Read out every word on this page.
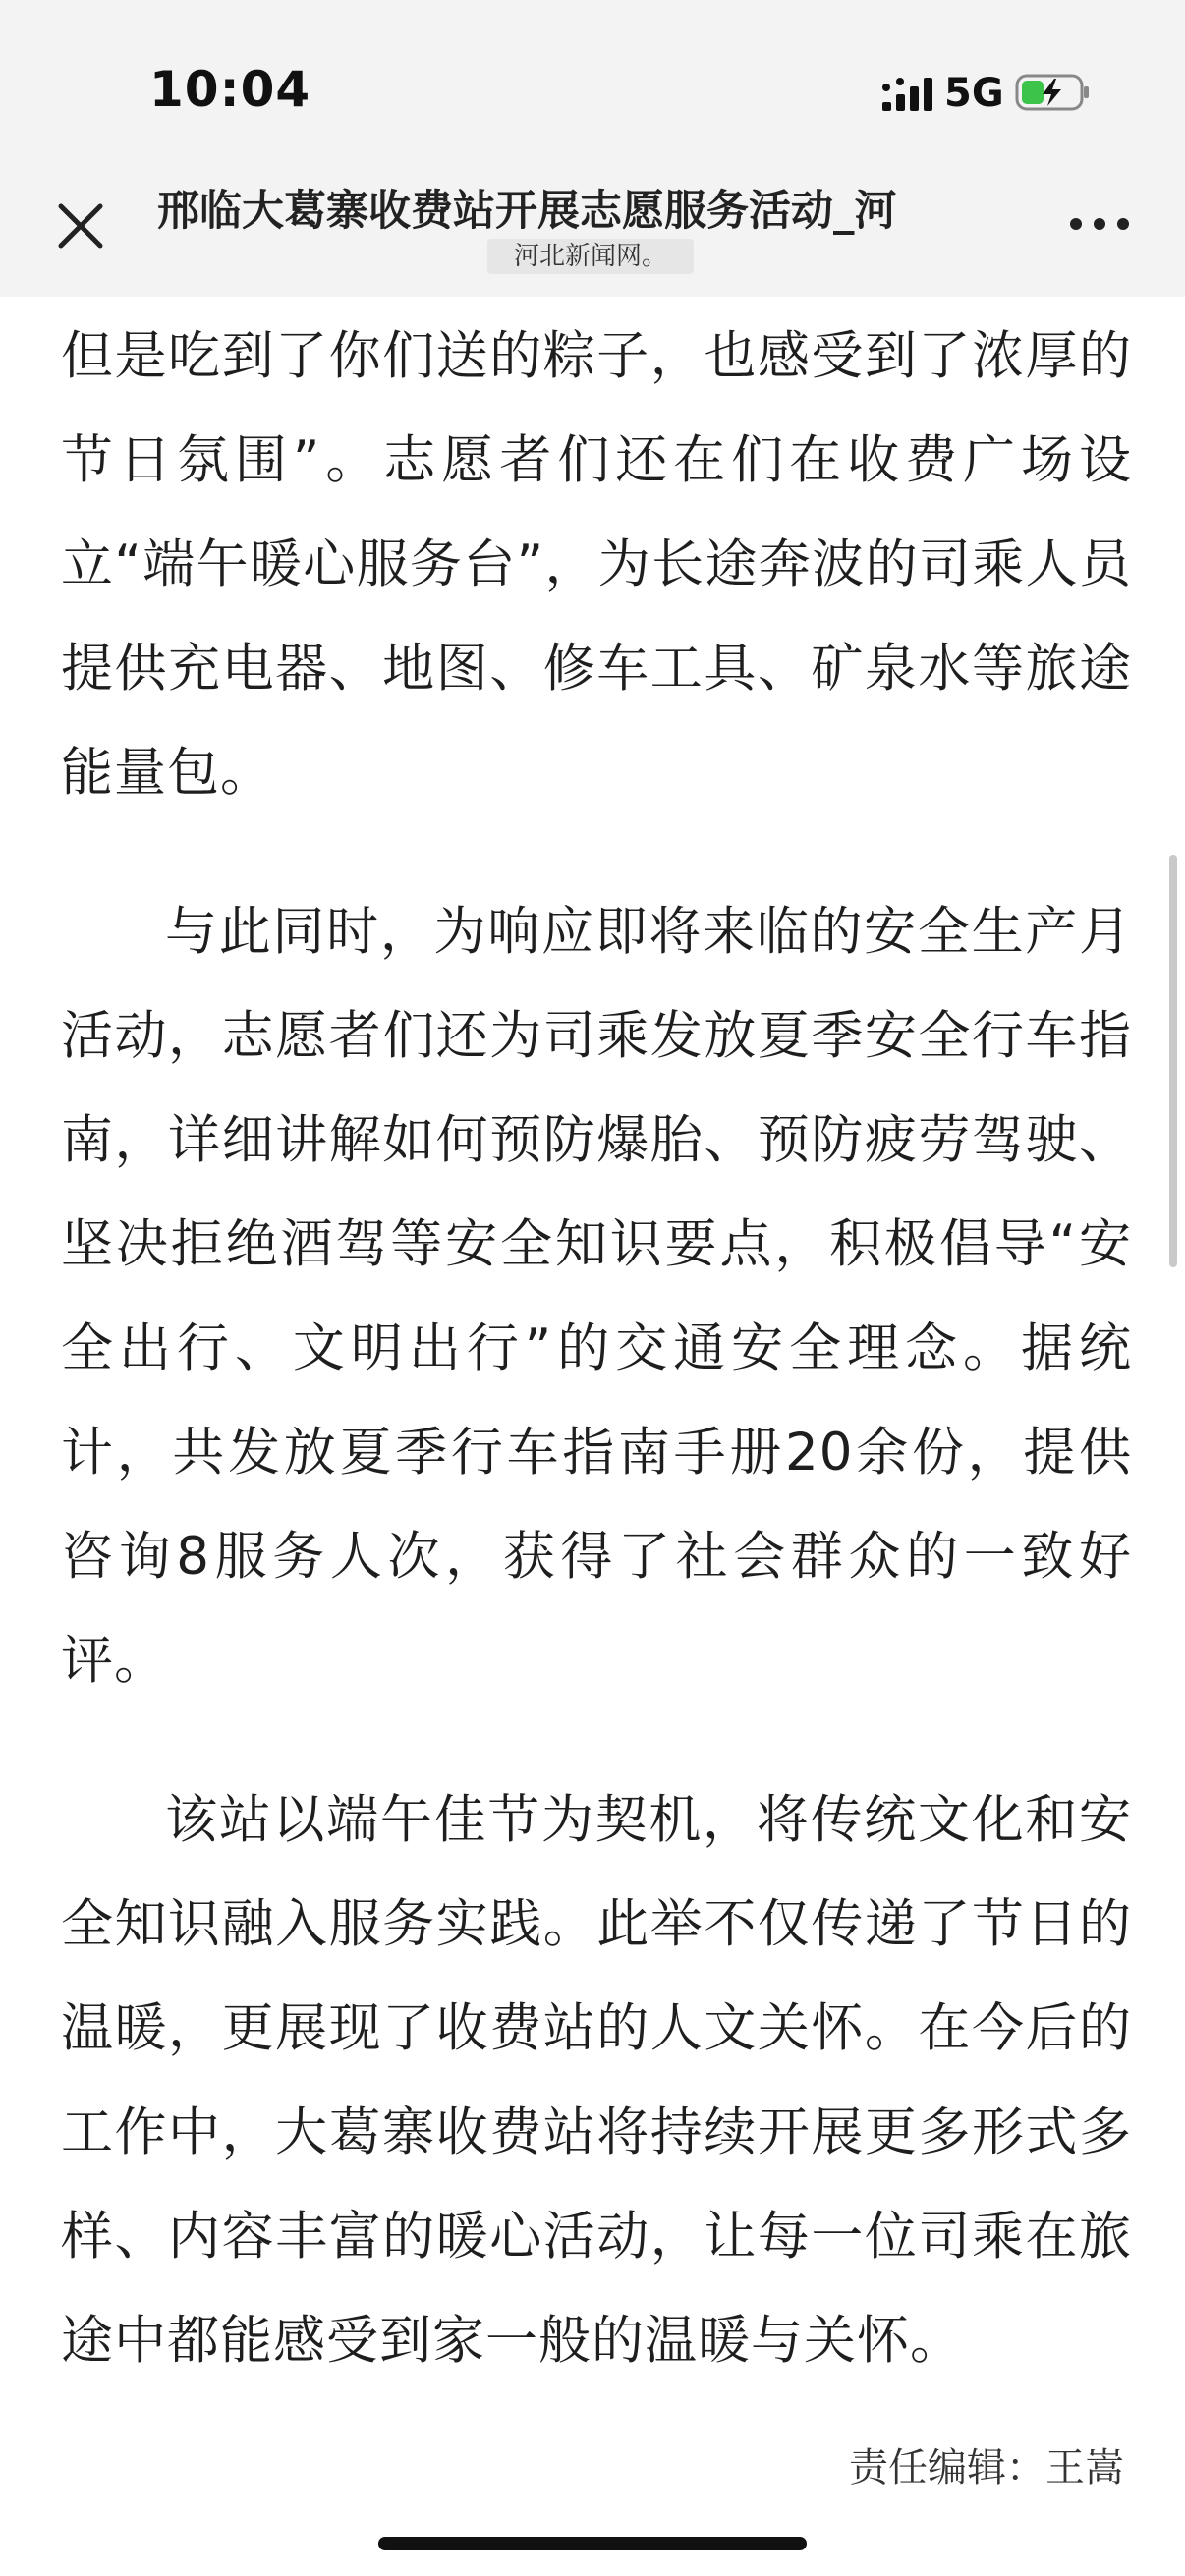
10:04	5G
邢临大葛寨收费站开展志愿服务活动_河
河北新闻网。

但是吃到了你们送的粽子，也感受到了浓厚的节日氛围”。志愿者们还在们在收费广场设立“端午暖心服务台”，为长途奔波的司乘人员提供充电器、地图、修车工具、矿泉水等旅途能量包。

与此同时，为响应即将来临的安全生产月活动，志愿者们还为司乘发放夏季安全行车指南，详细讲解如何预防爆胎、预防疲劳驾驶、坚决拒绝酒驾等安全知识要点，积极倡导“安全出行、文明出行”的交通安全理念。据统计，共发放夏季行车指南手册20余份，提供咨询8服务人次，获得了社会群众的一致好评。

该站以端午佳节为契机，将传统文化和安全知识融入服务实践。此举不仅传递了节日的温暖，更展现了收费站的人文关怀。在今后的工作中，大葛寨收费站将持续开展更多形式多样、内容丰富的暖心活动，让每一位司乘在旅途中都能感受到家一般的温暖与关怀。

责任编辑：王嵩
